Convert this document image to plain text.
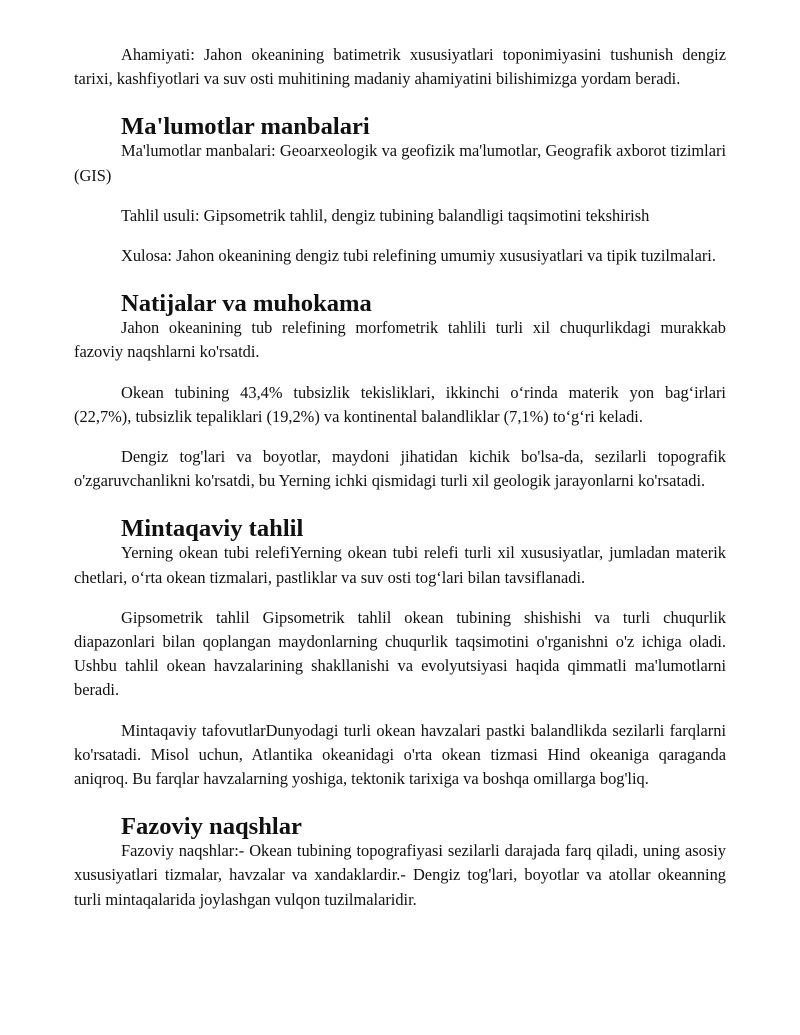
Ahamiyati: Jahon okeanining batimetrik xususiyatlari toponimiyasini tushunish dengiz tarixi, kashfiyotlari va suv osti muhitining madaniy ahamiyatini bilishimizga yordam beradi.

Ma'lumotlar manbalari

Ma'lumotlar manbalari: Geoarxeologik va geofizik ma'lumotlar, Geografik axborot tizimlari (GIS)

Tahlil usuli: Gipsometrik tahlil, dengiz tubining balandligi taqsimotini tekshirish

Xulosa: Jahon okeanining dengiz tubi relefining umumiy xususiyatlari va tipik tuzilmalari.

Natijalar va muhokama

Jahon okeanining tub relefining morfometrik tahlili turli xil chuqurlikdagi murakkab fazoviy naqshlarni ko'rsatdi.

Okean tubining 43,4% tubsizlik tekisliklari, ikkinchi o‘rinda materik yon bag‘irlari (22,7%), tubsizlik tepaliklari (19,2%) va kontinental balandliklar (7,1%) to‘g‘ri keladi.

Dengiz tog'lari va boyotlar, maydoni jihatidan kichik bo'lsa-da, sezilarli topografik o'zgaruvchanlikni ko'rsatdi, bu Yerning ichki qismidagi turli xil geologik jarayonlarni ko'rsatadi.

Mintaqaviy tahlil

Yerning okean tubi relefiYerning okean tubi relefi turli xil xususiyatlar, jumladan materik chetlari, o‘rta okean tizmalari, pastliklar va suv osti tog‘lari bilan tavsiflanadi.

Gipsometrik tahlil Gipsometrik tahlil okean tubining shishishi va turli chuqurlik diapazonlari bilan qoplangan maydonlarning chuqurlik taqsimotini o'rganishni o'z ichiga oladi. Ushbu tahlil okean havzalarining shakllanishi va evolyutsiyasi haqida qimmatli ma'lumotlarni beradi.

Mintaqaviy tafovutlarDunyodagi turli okean havzalari pastki balandlikda sezilarli farqlarni ko'rsatadi. Misol uchun, Atlantika okeanidagi o'rta okean tizmasi Hind okeaniga qaraganda aniqroq. Bu farqlar havzalarning yoshiga, tektonik tarixiga va boshqa omillarga bog'liq.

Fazoviy naqshlar

Fazoviy naqshlar:- Okean tubining topografiyasi sezilarli darajada farq qiladi, uning asosiy xususiyatlari tizmalar, havzalar va xandaklardir.- Dengiz tog'lari, boyotlar va atollar okeanning turli mintaqalarida joylashgan vulqon tuzilmalaridir.
